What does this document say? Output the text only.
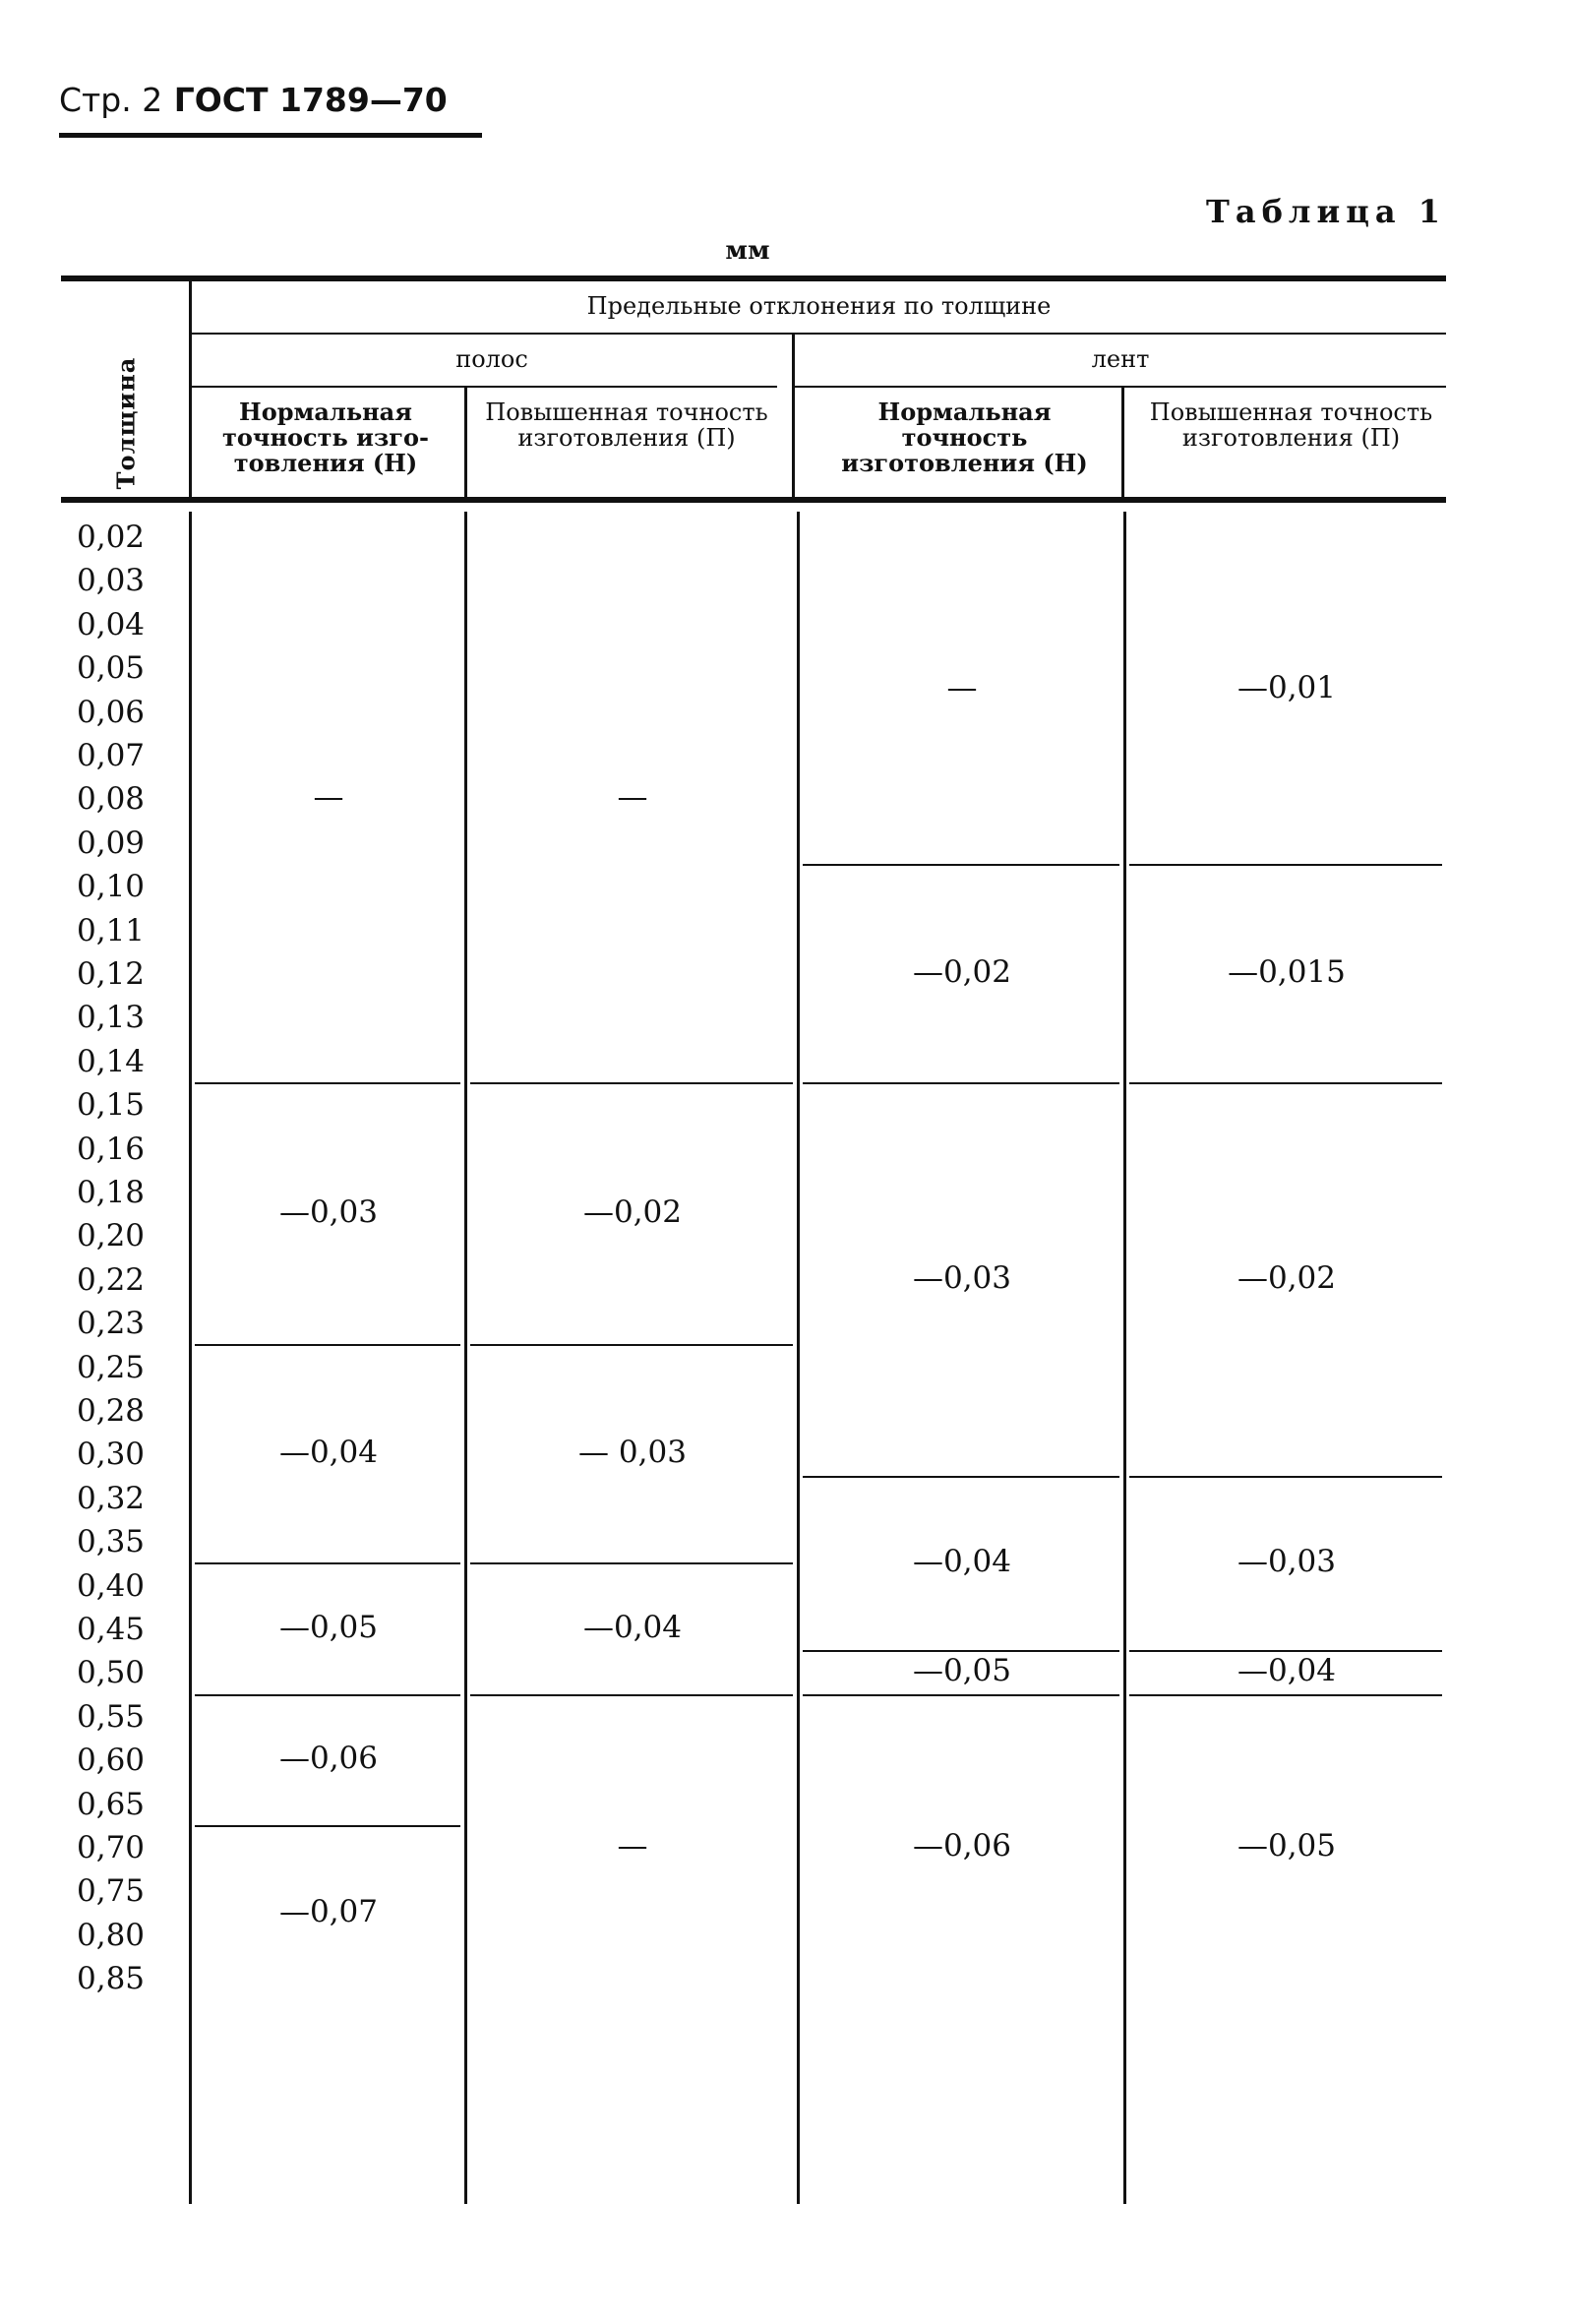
Стр. 2 ГОСТ 1789—70
Таблица 1
мм
Толщина
Предельные отклонения по толщине
полос	лент
Нормальная точность изго- товления (Н)
Повышенная точность изготовления (П)
Нормальная точность изготовления (Н)
Повышенная точность изготовления (П)
0,02
0,03
0,04
0,05
0,06
0,07
0,08
0,09
0,10
0,11
0,12
0,13
0,14
0,15
0,16
0,18
0,20
0,22
0,23
0,25
0,28
0,30
0,32
0,35
0,40
0,45
0,50
0,55
0,60
0,65
0,70
0,75
0,80
0,85
—
—0,03
—0,04
—0,05
—0,06
—0,07
—
—0,02
— 0,03
—0,04
—
—
—0,02
—0,03
—0,04
—0,05
—0,06
—0,01
—0,015
—0,02
—0,03
—0,04
—0,05
